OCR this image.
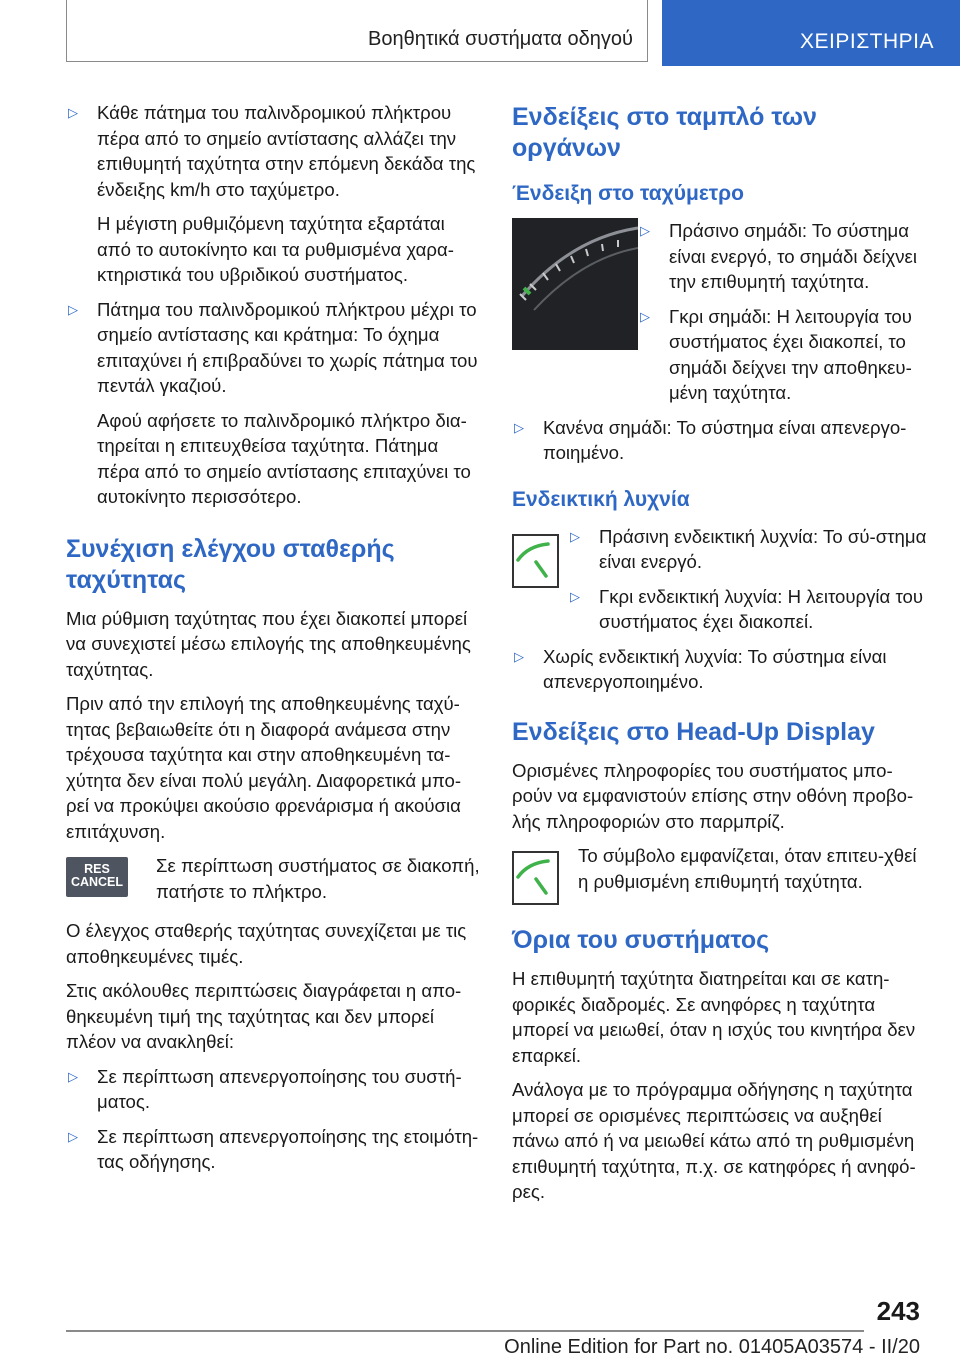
Βοηθητικά συστήματα οδηγού	ΧΕΙΡΙΣΤΗΡΙΑ
▷ Κάθε πάτημα του παλινδρομικού πλήκτρου πέρα από το σημείο αντίστασης αλλάζει την επιθυμητή ταχύτητα στην επόμενη δεκάδα της ένδειξης km/h στο ταχύμετρο.
Η μέγιστη ρυθμιζόμενη ταχύτητα εξαρτάται από το αυτοκίνητο και τα ρυθμισμένα χαρα‐κτηριστικά του υβριδικού συστήματος.
▷ Πάτημα του παλινδρομικού πλήκτρου μέχρι το σημείο αντίστασης και κράτημα: Το όχημα επιταχύνει ή επιβραδύνει το χωρίς πάτημα του πεντάλ γκαζιού.
Αφού αφήσετε το παλινδρομικό πλήκτρο δια‐τηρείται η επιτευχθείσα ταχύτητα. Πάτημα πέρα από το σημείο αντίστασης επιταχύνει το αυτοκίνητο περισσότερο.
Συνέχιση ελέγχου σταθερής ταχύτητας
Μια ρύθμιση ταχύτητας που έχει διακοπεί μπορεί να συνεχιστεί μέσω επιλογής της αποθηκευμένης ταχύτητας.
Πριν από την επιλογή της αποθηκευμένης ταχύ‐τητας βεβαιωθείτε ότι η διαφορά ανάμεσα στην τρέχουσα ταχύτητα και στην αποθηκευμένη τα‐χύτητα δεν είναι πολύ μεγάλη. Διαφορετικά μπο‐ρεί να προκύψει ακούσιο φρενάρισμα ή ακούσια επιτάχυνση.
RES
CANCEL
Σε περίπτωση συστήματος σε διακοπή, πατήστε το πλήκτρο.
Ο έλεγχος σταθερής ταχύτητας συνεχίζεται με τις αποθηκευμένες τιμές.
Στις ακόλουθες περιπτώσεις διαγράφεται η απο‐θηκευμένη τιμή της ταχύτητας και δεν μπορεί πλέον να ανακληθεί:
▷ Σε περίπτωση απενεργοποίησης του συστή‐ματος.
▷ Σε περίπτωση απενεργοποίησης της ετοιμότη‐τας οδήγησης.
Ενδείξεις στο ταμπλό των οργάνων
Ένδειξη στο ταχύμετρο
▷ Πράσινο σημάδι: Το σύστημα είναι ενεργό, το σημάδι δείχνει την επιθυμητή ταχύτητα.
▷ Γκρι σημάδι: Η λειτουργία του συστήματος έχει διακοπεί, το σημάδι δείχνει την αποθηκευ‐μένη ταχύτητα.
▷ Κανένα σημάδι: Το σύστημα είναι απενεργο‐ποιημένο.
Ενδεικτική λυχνία
▷ Πράσινη ενδεικτική λυχνία: Το σύ‐στημα είναι ενεργό.
▷ Γκρι ενδεικτική λυχνία: Η λειτουργία του συστήματος έχει διακοπεί.
▷ Χωρίς ενδεικτική λυχνία: Το σύστημα είναι απενεργοποιημένο.
Ενδείξεις στο Head-Up Display
Ορισμένες πληροφορίες του συστήματος μπο‐ρούν να εμφανιστούν επίσης στην οθόνη προβο‐λής πληροφοριών στο παρμπρίζ.
Το σύμβολο εμφανίζεται, όταν επιτευ‐χθεί η ρυθμισμένη επιθυμητή ταχύτητα.
Όρια του συστήματος
Η επιθυμητή ταχύτητα διατηρείται και σε κατη‐φορικές διαδρομές. Σε ανηφόρες η ταχύτητα μπορεί να μειωθεί, όταν η ισχύς του κινητήρα δεν επαρκεί.
Ανάλογα με το πρόγραμμα οδήγησης η ταχύτητα μπορεί σε ορισμένες περιπτώσεις να αυξηθεί πάνω από ή να μειωθεί κάτω από τη ρυθμισμένη επιθυμητή ταχύτητα, π.χ. σε κατηφόρες ή ανηφό‐ρες.
243
Online Edition for Part no. 01405A03574 - II/20
